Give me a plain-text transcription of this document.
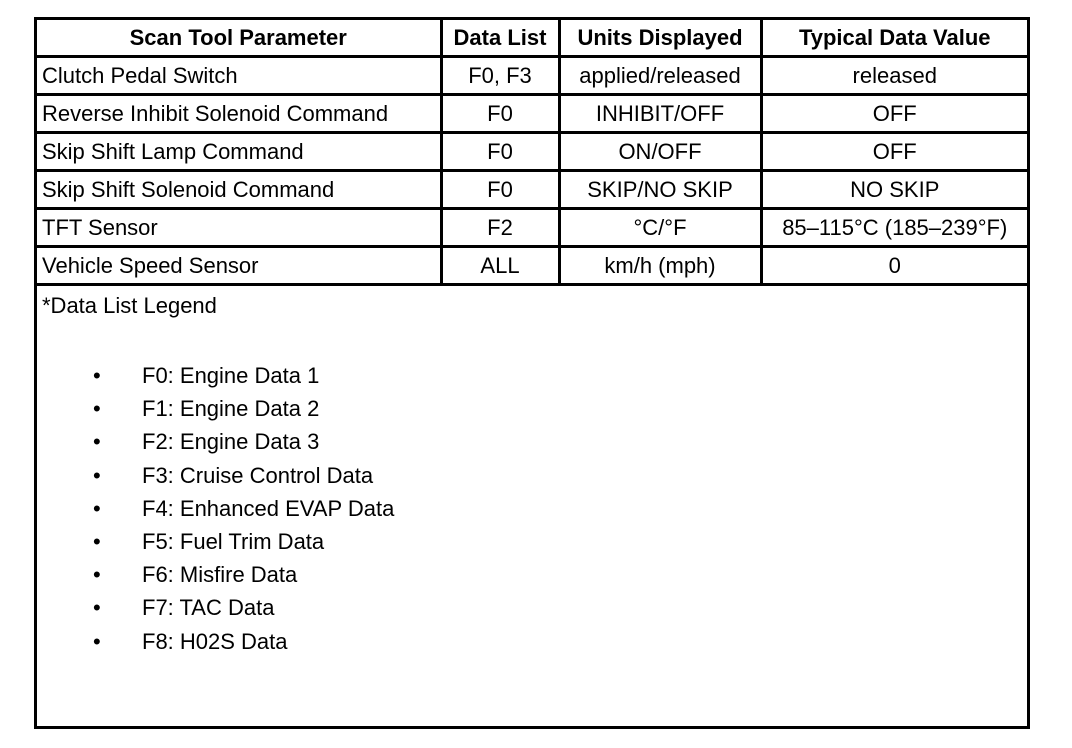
Scan Tool Parameter	Data List	Units Displayed	Typical Data Value
Clutch Pedal Switch	F0, F3	applied/released	released
Reverse Inhibit Solenoid Command	F0	INHIBIT/OFF	OFF
Skip Shift Lamp Command	F0	ON/OFF	OFF
Skip Shift Solenoid Command	F0	SKIP/NO SKIP	NO SKIP
TFT Sensor	F2	°C/°F	85–115°C (185–239°F)
Vehicle Speed Sensor	ALL	km/h (mph)	0
*Data List Legend
• F0: Engine Data 1
• F1: Engine Data 2
• F2: Engine Data 3
• F3: Cruise Control Data
• F4: Enhanced EVAP Data
• F5: Fuel Trim Data
• F6: Misfire Data
• F7: TAC Data
• F8: H02S Data
